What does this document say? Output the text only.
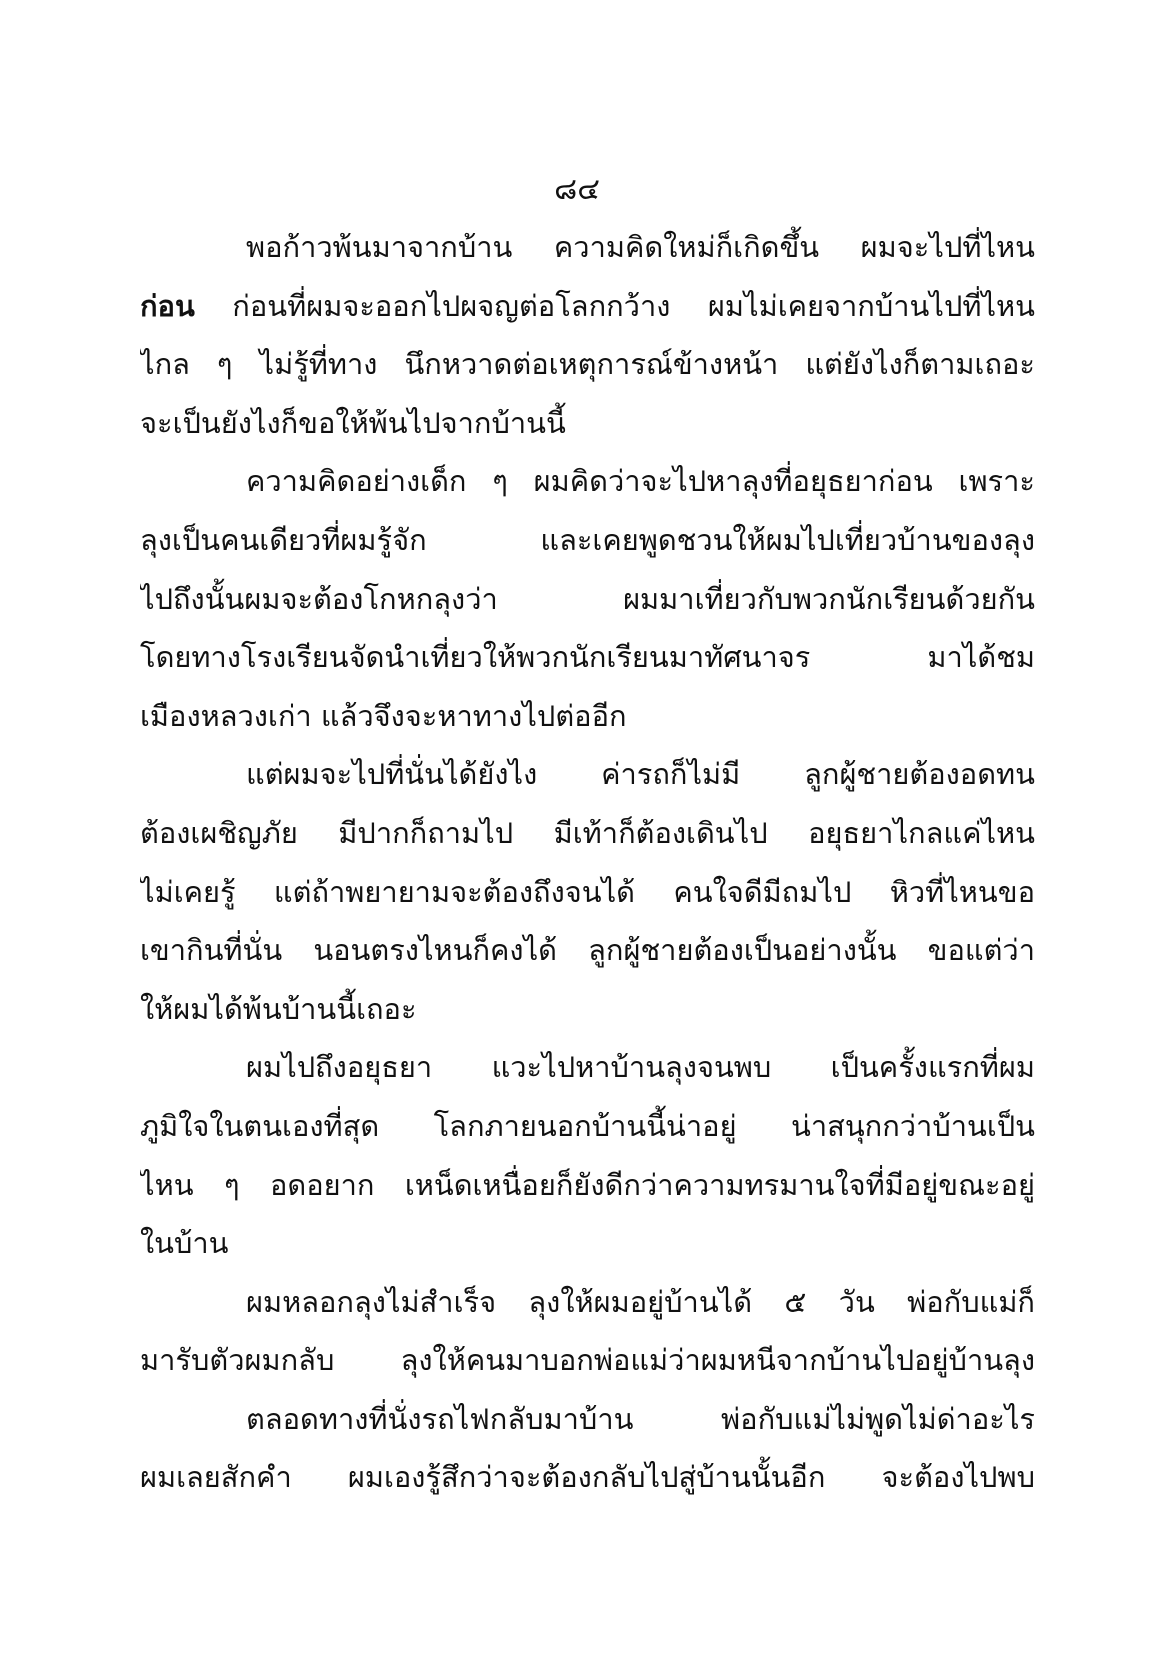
๘๔
พอก้าวพ้นมาจากบ้าน ความคิดใหม่ก็เกิดขึ้น ผมจะไปที่ไหน
ก่อน ก่อนที่ผมจะออกไปผจญต่อโลกกว้าง ผมไม่เคยจากบ้านไปที่ไหน
ไกล ๆ ไม่รู้ที่ทาง นึกหวาดต่อเหตุการณ์ข้างหน้า แต่ยังไงก็ตามเถอะ
จะเป็นยังไงก็ขอให้พ้นไปจากบ้านนี้
ความคิดอย่างเด็ก ๆ ผมคิดว่าจะไปหาลุงที่อยุธยาก่อน เพราะ
ลุงเป็นคนเดียวที่ผมรู้จัก และเคยพูดชวนให้ผมไปเที่ยวบ้านของลุง
ไปถึงนั้นผมจะต้องโกหกลุงว่า ผมมาเที่ยวกับพวกนักเรียนด้วยกัน
โดยทางโรงเรียนจัดนำเที่ยวให้พวกนักเรียนมาทัศนาจร มาได้ชม
เมืองหลวงเก่า แล้วจึงจะหาทางไปต่ออีก
แต่ผมจะไปที่นั่นได้ยังไง ค่ารถก็ไม่มี ลูกผู้ชายต้องอดทน
ต้องเผชิญภัย มีปากก็ถามไป มีเท้าก็ต้องเดินไป อยุธยาไกลแค่ไหน
ไม่เคยรู้ แต่ถ้าพยายามจะต้องถึงจนได้ คนใจดีมีถมไป หิวที่ไหนขอ
เขากินที่นั่น นอนตรงไหนก็คงได้ ลูกผู้ชายต้องเป็นอย่างนั้น ขอแต่ว่า
ให้ผมได้พ้นบ้านนี้เถอะ
ผมไปถึงอยุธยา แวะไปหาบ้านลุงจนพบ เป็นครั้งแรกที่ผม
ภูมิใจในตนเองที่สุด โลกภายนอกบ้านนี้น่าอยู่ น่าสนุกกว่าบ้านเป็น
ไหน ๆ อดอยาก เหน็ดเหนื่อยก็ยังดีกว่าความทรมานใจที่มีอยู่ขณะอยู่
ในบ้าน
ผมหลอกลุงไม่สำเร็จ ลุงให้ผมอยู่บ้านได้ ๕ วัน พ่อกับแม่ก็
มารับตัวผมกลับ ลุงให้คนมาบอกพ่อแม่ว่าผมหนีจากบ้านไปอยู่บ้านลุง
ตลอดทางที่นั่งรถไฟกลับมาบ้าน พ่อกับแม่ไม่พูดไม่ด่าอะไร
ผมเลยสักคำ ผมเองรู้สึกว่าจะต้องกลับไปสู่บ้านนั้นอีก จะต้องไปพบ
